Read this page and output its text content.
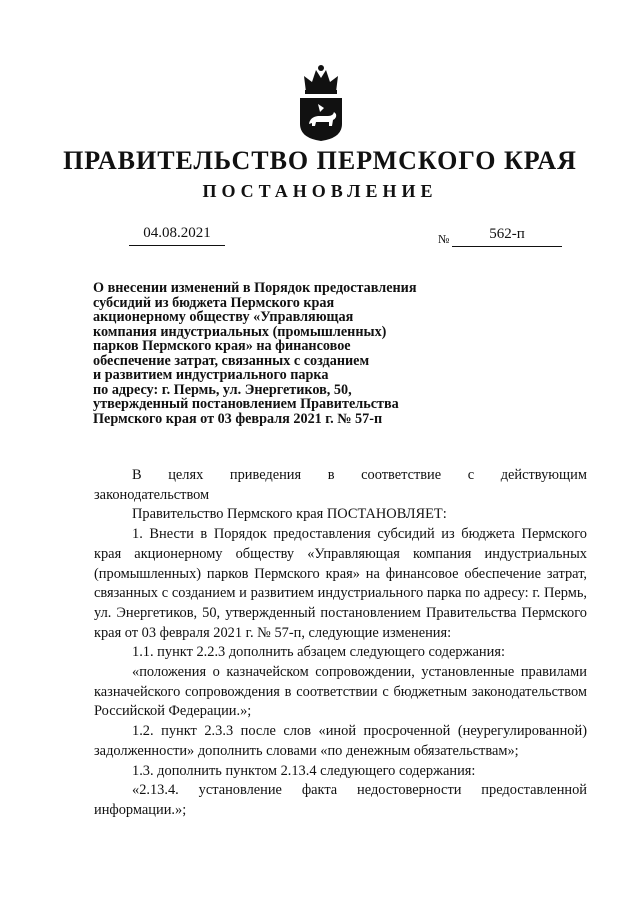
ПРАВИТЕЛЬСТВО ПЕРМСКОГО КРАЯ
ПОСТАНОВЛЕНИЕ
04.08.2021	№	562-п
О внесении изменений в Порядок предоставления
субсидий из бюджета Пермского края
акционерному обществу «Управляющая
компания индустриальных (промышленных)
парков Пермского края» на финансовое
обеспечение затрат, связанных с созданием
и развитием индустриального парка
по адресу: г. Пермь, ул. Энергетиков, 50,
утвержденный постановлением Правительства
Пермского края от 03 февраля 2021 г. № 57-п
В целях приведения в соответствие с действующим

законодательством

Правительство Пермского края ПОСТАНОВЛЯЕТ:

1. Внести в Порядок предоставления субсидий из бюджета Пермского края акционерному обществу «Управляющая компания индустриальных (промышленных) парков Пермского края» на финансовое обеспечение затрат, связанных с созданием и развитием индустриального парка по адресу: г. Пермь, ул. Энергетиков, 50, утвержденный постановлением Правительства Пермского края от 03 февраля 2021 г. № 57-п, следующие изменения:

1.1. пункт 2.2.3 дополнить абзацем следующего содержания:

«положения о казначейском сопровождении, установленные правилами казначейского сопровождения в соответствии с бюджетным законодательством Российской Федерации.»;

1.2. пункт 2.3.3 после слов «иной просроченной (неурегулированной) задолженности» дополнить словами «по денежным обязательствам»;

1.3. дополнить пунктом 2.13.4 следующего содержания:

«2.13.4. установление факта недостоверности предоставленной информации.»;
